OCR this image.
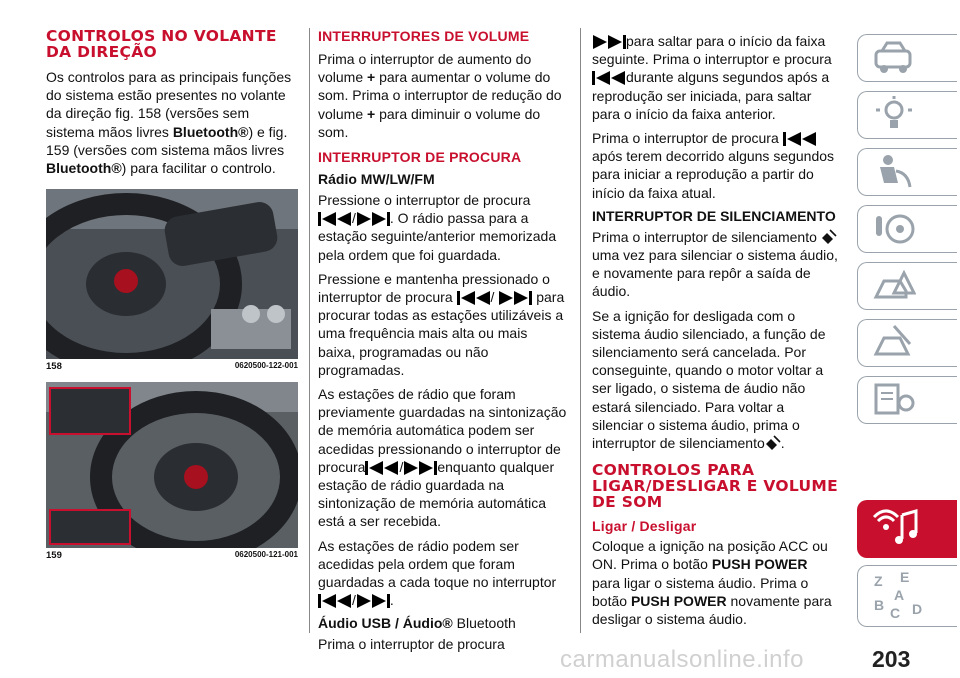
CONTROLOS NO VOLANTE DA DIREÇÃO

Os controlos para as principais funções do sistema estão presentes no volante da direção fig. 158 (versões sem sistema mãos livres Bluetooth®) e fig. 159 (versões com sistema mãos livres Bluetooth®) para facilitar o controlo.

158	0620500-122-001
159	0620500-121-001
INTERRUPTORES DE VOLUME

Prima o interruptor de aumento do volume + para aumentar o volume do som. Prima o interruptor de redução do volume + para diminuir o volume do som.

INTERRUPTOR DE PROCURA
Rádio MW/LW/FM

Pressione o interruptor de procura / . O rádio passa para a estação seguinte/anterior memorizada pela ordem que foi guardada.

Pressione e mantenha pressionado o interruptor de procura	/	para procurar todas as estações utilizáveis a uma frequência mais alta ou mais baixa, programadas ou não programadas.

As estações de rádio que foram previamente guardadas na sintonização de memória automática podem ser acedidas pressionando o interruptor de procura / enquanto qualquer estação de rádio guardada na sintonização de memória automática está a ser recebida.

As estações de rádio podem ser acedidas pela ordem que foram guardadas a cada toque no interruptor / .

Áudio USB / Áudio® Bluetooth

Prima o interruptor de procura

para saltar para o início da faixa seguinte. Prima o interruptor e procura durante alguns segundos após a reprodução ser iniciada, para saltar para o início da faixa anterior.

Prima o interruptor de procura após terem decorrido alguns segundos para iniciar a reprodução a partir do início da faixa atual.

INTERRUPTOR DE SILENCIAMENTO

Prima o interruptor de silenciamento uma vez para silenciar o sistema áudio, e novamente para repôr a saída de áudio.

Se a ignição for desligada com o sistema áudio silenciado, a função de silenciamento será cancelada. Por conseguinte, quando o motor voltar a ser ligado, o sistema de áudio não estará silenciado. Para voltar a silenciar o sistema áudio, prima o interruptor de silenciamento .

CONTROLOS PARA LIGAR/DESLIGAR E VOLUME DE SOM
Ligar / Desligar

Coloque a ignição na posição ACC ou ON. Prima o botão PUSH POWER para ligar o sistema áudio. Prima o botão PUSH POWER novamente para desligar o sistema áudio.

Z E
B
A
C D
carmanualsonline.info	203
